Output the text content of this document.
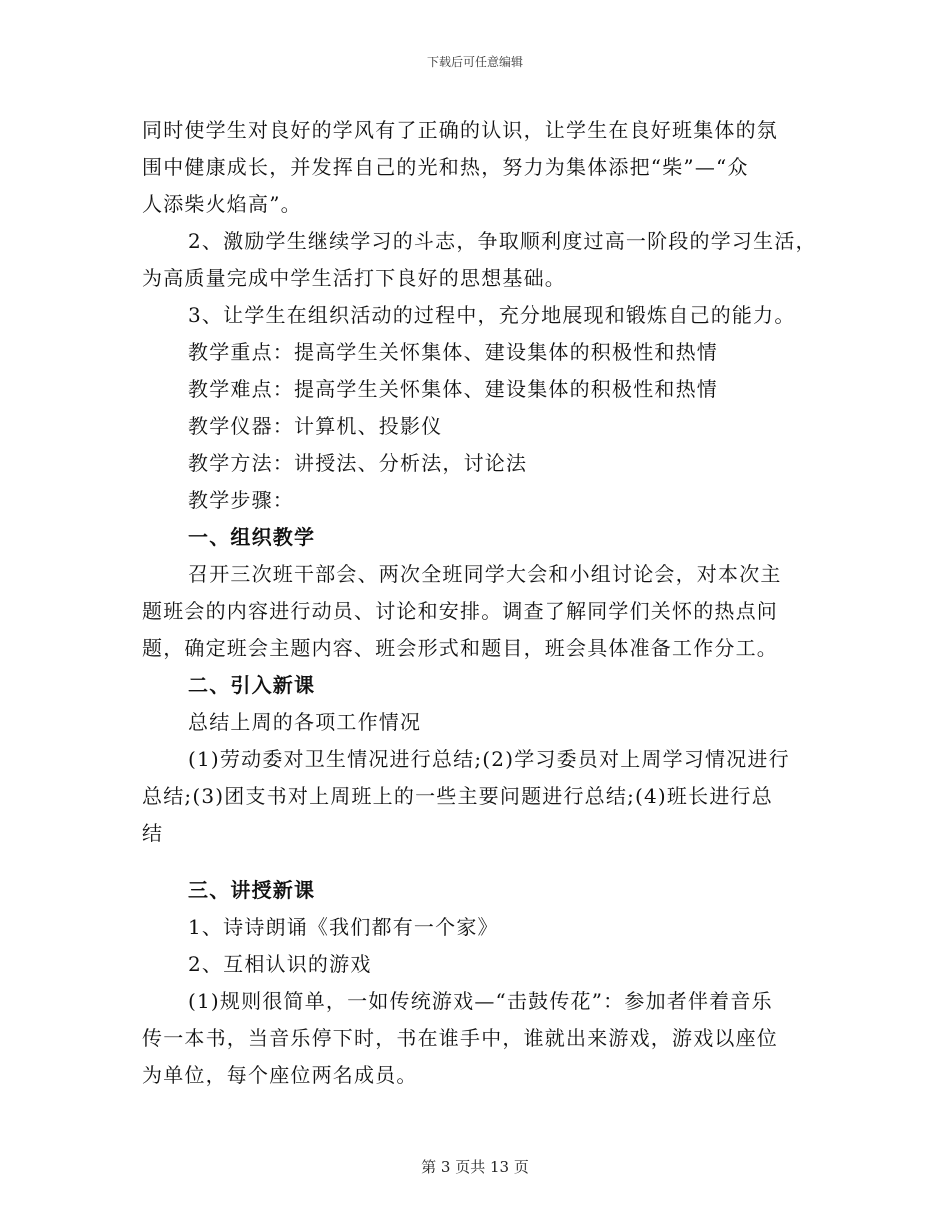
下载后可任意编辑
同时使学生对良好的学风有了正确的认识，让学生在良好班集体的氛
围中健康成长，并发挥自己的光和热，努力为集体添把“柴”—“众
人添柴火焰高”。
2、激励学生继续学习的斗志，争取顺利度过高一阶段的学习生活，
为高质量完成中学生活打下良好的思想基础。
3、让学生在组织活动的过程中，充分地展现和锻炼自己的能力。
教学重点：提高学生关怀集体、建设集体的积极性和热情
教学难点：提高学生关怀集体、建设集体的积极性和热情
教学仪器：计算机、投影仪
教学方法：讲授法、分析法，讨论法
教学步骤：
一、组织教学
召开三次班干部会、两次全班同学大会和小组讨论会，对本次主
题班会的内容进行动员、讨论和安排。调查了解同学们关怀的热点问
题，确定班会主题内容、班会形式和题目，班会具体准备工作分工。
二、引入新课
总结上周的各项工作情况
(1)劳动委对卫生情况进行总结;(2)学习委员对上周学习情况进行
总结;(3)团支书对上周班上的一些主要问题进行总结;(4)班长进行总
结
三、讲授新课
1、诗诗朗诵《我们都有一个家》
2、互相认识的游戏
(1)规则很简单，一如传统游戏—“击鼓传花”：参加者伴着音乐
传一本书，当音乐停下时，书在谁手中，谁就出来游戏，游戏以座位
为单位，每个座位两名成员。
第 3 页共 13 页
